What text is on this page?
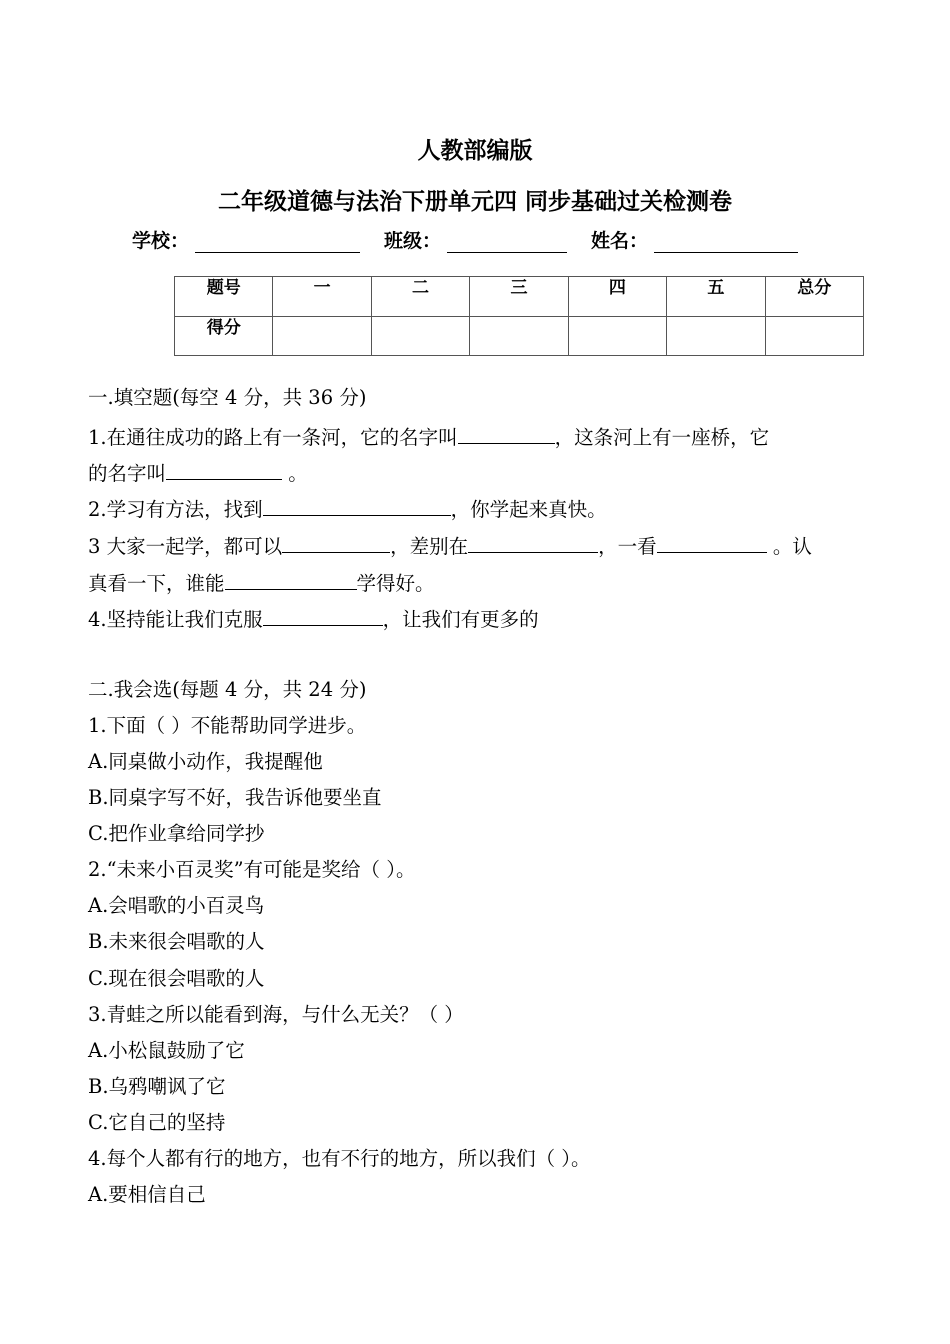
人教部编版
二年级道德与法治下册单元四 同步基础过关检测卷
学校：	班级：	姓名：
题号	一	二	三	四	五	总分
得分						
一.填空题(每空 4 分，共 36 分)
1.在通往成功的路上有一条河，它的名字叫	，这条河上有一座桥，它
的名字叫	。
2.学习有方法，找到	，你学起来真快。
3 大家一起学，都可以	，差别在	，一看	。认
真看一下，谁能	学得好。
4.坚持能让我们克服	，让我们有更多的
二.我会选(每题 4 分，共 24 分)
1.下面（ ）不能帮助同学进步。
A.同桌做小动作，我提醒他
B.同桌字写不好，我告诉他要坐直
C.把作业拿给同学抄
2.“未来小百灵奖”有可能是奖给（ ）。
A.会唱歌的小百灵鸟
B.未来很会唱歌的人
C.现在很会唱歌的人
3.青蛙之所以能看到海，与什么无关？（ ）
A.小松鼠鼓励了它
B.乌鸦嘲讽了它
C.它自己的坚持
4.每个人都有行的地方，也有不行的地方，所以我们（ ）。
A.要相信自己
